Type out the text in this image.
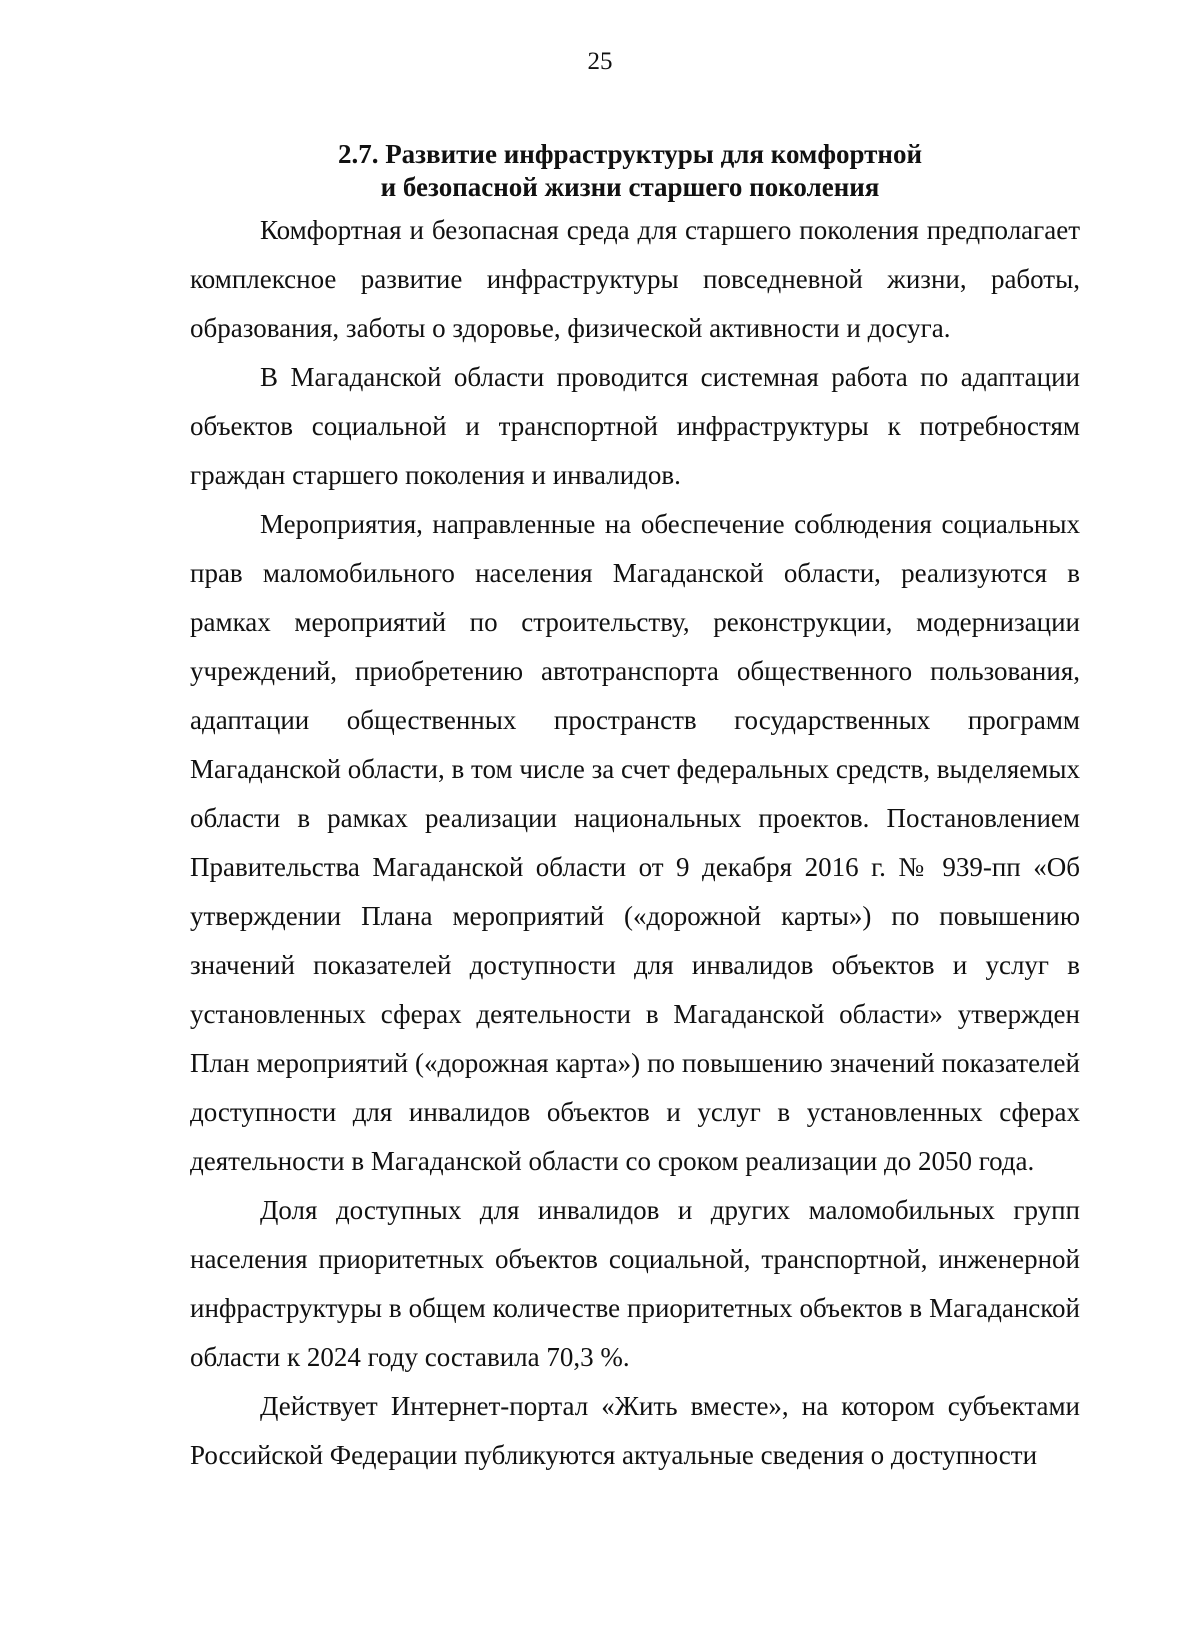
25
2.7. Развитие инфраструктуры для комфортной
и безопасной жизни старшего поколения

Комфортная и безопасная среда для старшего поколения предполагает комплексное развитие инфраструктуры повседневной жизни, работы, образования, заботы о здоровье, физической активности и досуга.

В Магаданской области проводится системная работа по адаптации объектов социальной и транспортной инфраструктуры к потребностям граждан старшего поколения и инвалидов.

Мероприятия, направленные на обеспечение соблюдения социальных прав маломобильного населения Магаданской области, реализуются в рамках мероприятий по строительству, реконструкции, модернизации учреждений, приобретению автотранспорта общественного пользования, адаптации общественных пространств государственных программ Магаданской области, в том числе за счет федеральных средств, выделяемых области в рамках реализации национальных проектов. Постановлением Правительства Магаданской области от 9 декабря 2016 г. № 939-пп «Об утверждении Плана мероприятий («дорожной карты») по повышению значений показателей доступности для инвалидов объектов и услуг в установленных сферах деятельности в Магаданской области» утвержден План мероприятий («дорожная карта») по повышению значений показателей доступности для инвалидов объектов и услуг в установленных сферах деятельности в Магаданской области со сроком реализации до 2050 года.

Доля доступных для инвалидов и других маломобильных групп населения приоритетных объектов социальной, транспортной, инженерной инфраструктуры в общем количестве приоритетных объектов в Магаданской области к 2024 году составила 70,3 %.

Действует Интернет-портал «Жить вместе», на котором субъектами Российской Федерации публикуются актуальные сведения о доступности
